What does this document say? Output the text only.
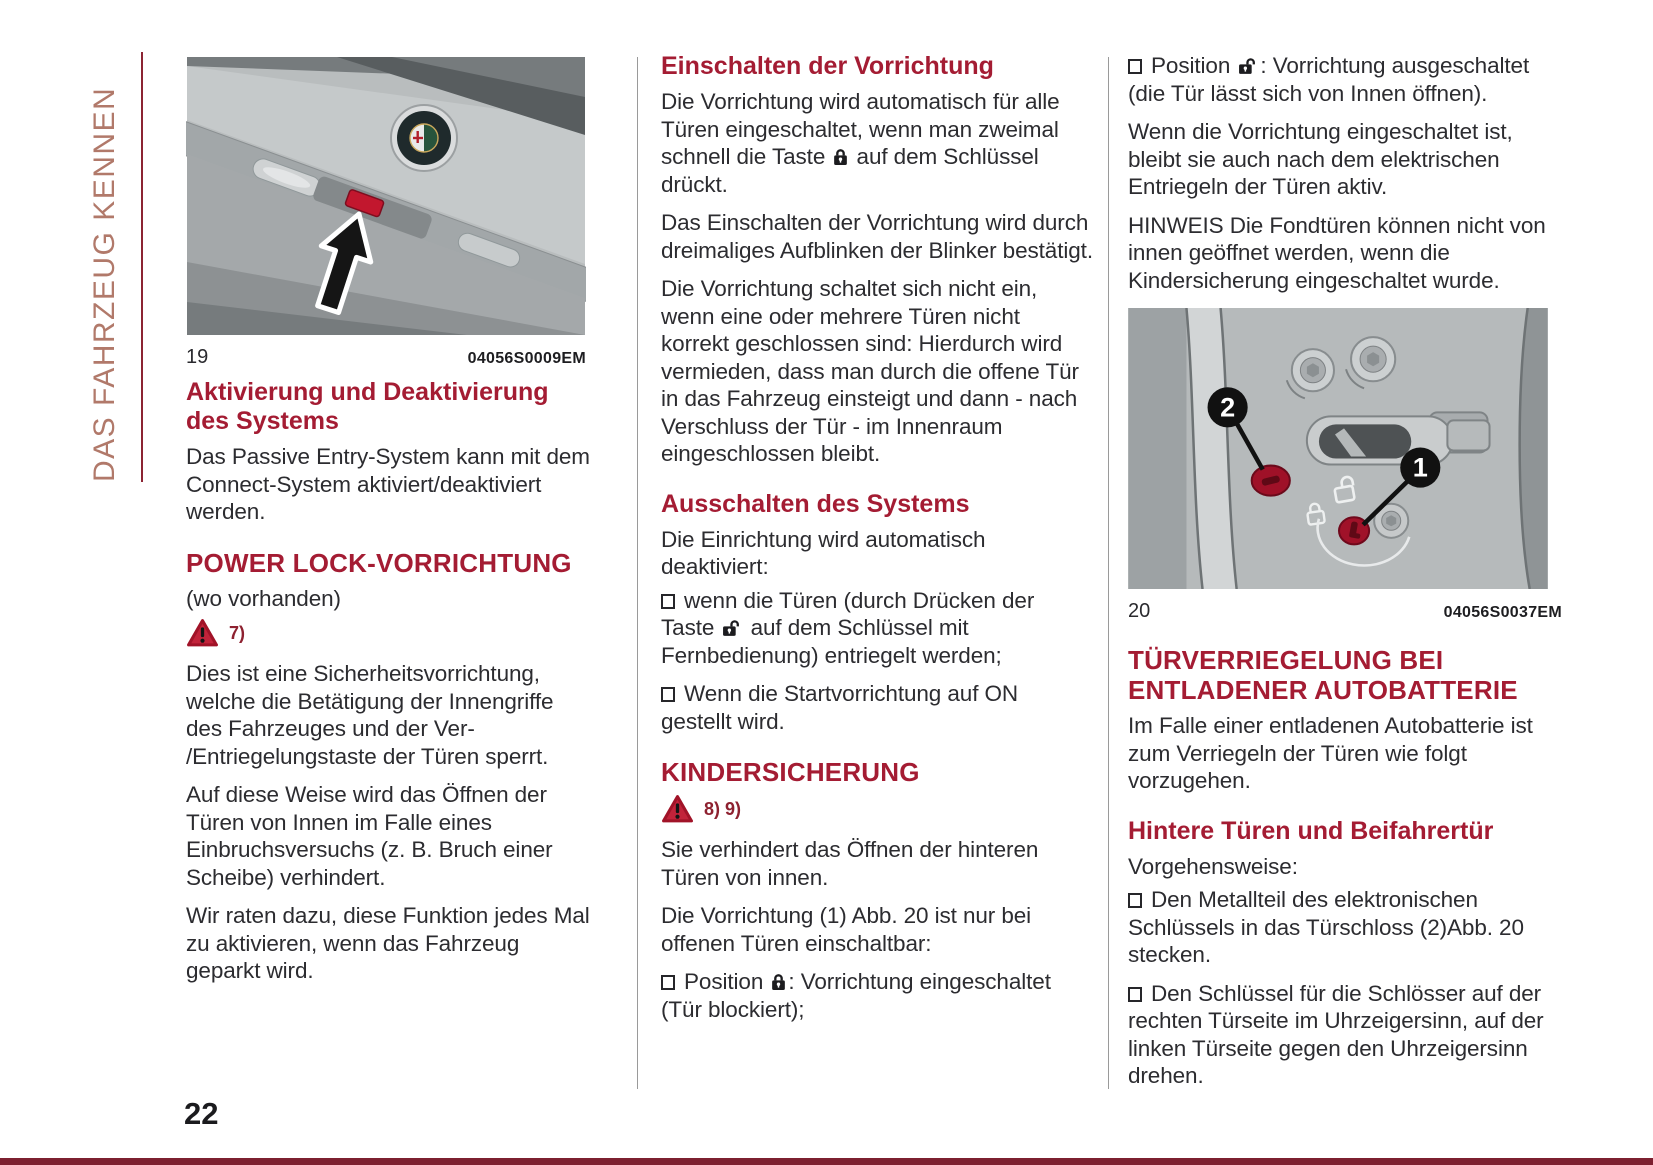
DAS FAHRZEUG KENNEN	19	04056S0009EM
Aktivierung und Deaktivierung des Systems

Das Passive Entry-System kann mit dem Connect-System aktiviert/deaktiviert werden.

POWER LOCK-VORRICHTUNG

(wo vorhanden)

7)

Dies ist eine Sicherheitsvorrichtung, welche die Betätigung der Innengriffe des Fahrzeuges und der Ver- /Entriegelungstaste der Türen sperrt.

Auf diese Weise wird das Öffnen der Türen von Innen im Falle eines Einbruchsversuchs (z. B. Bruch einer Scheibe) verhindert.

Wir raten dazu, diese Funktion jedes Mal zu aktivieren, wenn das Fahrzeug geparkt wird.

Einschalten der Vorrichtung

Die Vorrichtung wird automatisch für alle Türen eingeschaltet, wenn man zweimal schnell die Taste  auf dem Schlüssel drückt.

Das Einschalten der Vorrichtung wird durch dreimaliges Aufblinken der Blinker bestätigt.

Die Vorrichtung schaltet sich nicht ein, wenn eine oder mehrere Türen nicht korrekt geschlossen sind: Hierdurch wird vermieden, dass man durch die offene Tür in das Fahrzeug einsteigt und dann - nach Verschluss der Tür - im Innenraum eingeschlossen bleibt.

Ausschalten des Systems

Die Einrichtung wird automatisch deaktiviert:

wenn die Türen (durch Drücken der Taste  auf dem Schlüssel mit Fernbedienung) entriegelt werden;

Wenn die Startvorrichtung auf ON gestellt wird.

KINDERSICHERUNG
8) 9)

Sie verhindert das Öffnen der hinteren Türen von innen.

Die Vorrichtung (1) Abb. 20 ist nur bei offenen Türen einschaltbar:

Position : Vorrichtung eingeschaltet (Tür blockiert);

Position : Vorrichtung ausgeschaltet (die Tür lässt sich von Innen öffnen).

Wenn die Vorrichtung eingeschaltet ist, bleibt sie auch nach dem elektrischen Entriegeln der Türen aktiv.

HINWEIS Die Fondtüren können nicht von innen geöffnet werden, wenn die Kindersicherung eingeschaltet wurde.

2
1
20	04056S0037EM
TÜRVERRIEGELUNG BEI ENTLADENER AUTOBATTERIE

Im Falle einer entladenen Autobatterie ist zum Verriegeln der Türen wie folgt vorzugehen.

Hintere Türen und Beifahrertür

Vorgehensweise:

Den Metallteil des elektronischen Schlüssels in das Türschloss (2)Abb. 20 stecken.

Den Schlüssel für die Schlösser auf der rechten Türseite im Uhrzeigersinn, auf der linken Türseite gegen den Uhrzeigersinn drehen.

22
